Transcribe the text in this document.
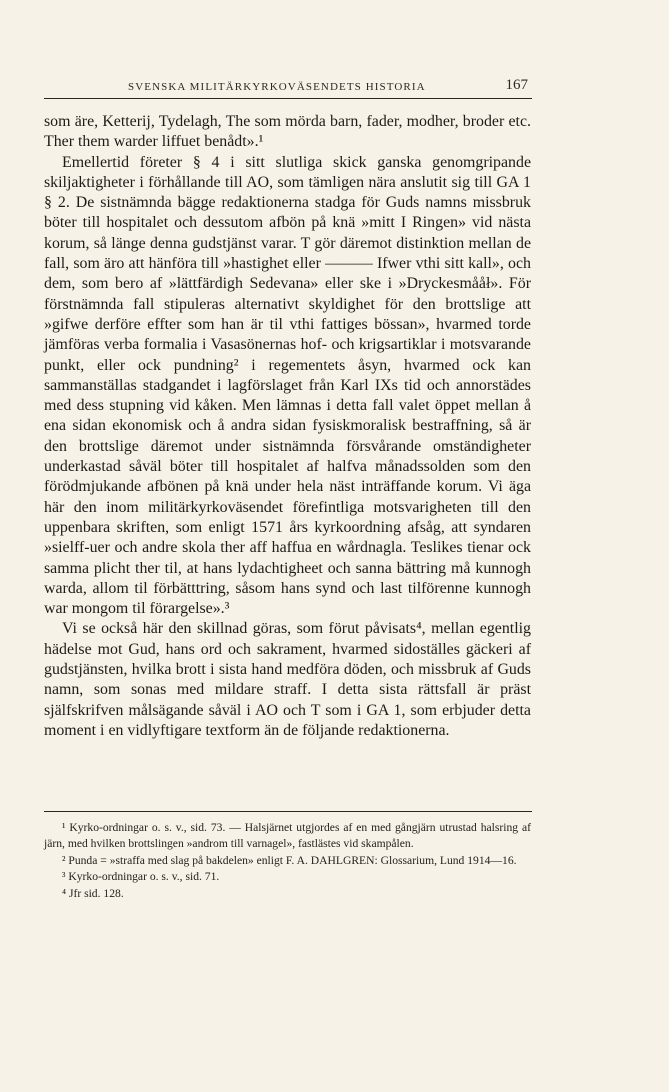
SVENSKA MILITÄRKYRKOVÄSENDETS HISTORIA	167

som äre, Ketterij, Tydelagh, The som mörda barn, fader, modher, broder etc. Ther them warder liffuet benådt».¹

Emellertid företer § 4 i sitt slutliga skick ganska genomgripande skiljaktigheter i förhållande till AO, som tämligen nära anslutit sig till GA 1 § 2. De sistnämnda bägge redaktionerna stadga för Guds namns missbruk böter till hospitalet och dessutom afbön på knä »mitt I Ringen» vid nästa korum, så länge denna gudstjänst varar. T gör däremot distinktion mellan de fall, som äro att hänföra till »hastighet eller ——— Ifwer vthi sitt kall», och dem, som bero af »lättfärdigh Sedevana» eller ske i »Dryckesmååł». För förstnämnda fall stipuleras alternativt skyldighet för den brottslige att »gifwe derföre effter som han är til vthi fattiges bössan», hvarmed torde jämföras verba formalia i Vasasönernas hof- och krigsartiklar i motsvarande punkt, eller ock pundning² i regementets åsyn, hvarmed ock kan sammanställas stadgandet i lagförslaget från Karl IXs tid och annorstädes med dess stupning vid kåken. Men lämnas i detta fall valet öppet mellan å ena sidan ekonomisk och å andra sidan fysiskmoralisk bestraffning, så är den brottslige däremot under sistnämnda försvårande omständigheter underkastad såväl böter till hospitalet af halfva månadssolden som den förödmjukande afbönen på knä under hela näst inträffande korum. Vi äga här den inom militärkyrkoväsendet förefintliga motsvarigheten till den uppenbara skriften, som enligt 1571 års kyrkoordning afsåg, att syndaren »sielff-uer och andre skola ther aff haffua en wårdnagla. Teslikes tienar ock samma plicht ther til, at hans lydachtigheet och sanna bättring må kunnogh warda, allom til förbätttring, såsom hans synd och last tilförenne kunnogh war mongom til förargelse».³

Vi se också här den skillnad göras, som förut påvisats⁴, mellan egentlig hädelse mot Gud, hans ord och sakrament, hvarmed sidoställes gäckeri af gudstjänsten, hvilka brott i sista hand medföra döden, och missbruk af Guds namn, som sonas med mildare straff. I detta sista rättsfall är präst själfskrifven målsägande såväl i AO och T som i GA 1, som erbjuder detta moment i en vidlyftigare textform än de följande redaktionerna.

¹ Kyrko-ordningar o. s. v., sid. 73. — Halsjärnet utgjordes af en med gångjärn utrustad halsring af järn, med hvilken brottslingen »androm till varnagel», fastlästes vid skampålen.

² Punda = »straffa med slag på bakdelen» enligt F. A. DAHLGREN: Glossarium, Lund 1914—16.

³ Kyrko-ordningar o. s. v., sid. 71.

⁴ Jfr sid. 128.
